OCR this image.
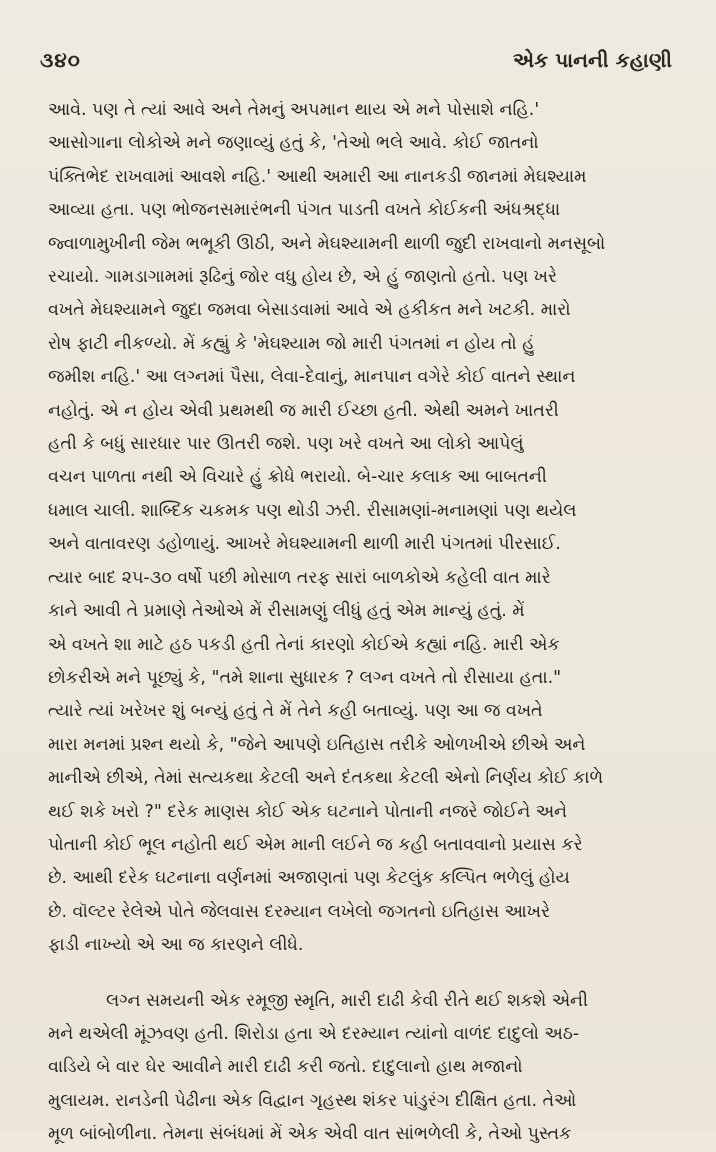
૩૪૦	એક પાનની કહાણી
આવે. પણ તે ત્યાં આવે અને તેમનું અપમાન થાય એ મને પોસાશે નહિ.'
આસોગાના લોકોએ મને જણાવ્યું હતું કે, 'તેઓ ભલે આવે. કોઈ જાતનો
પંક્તિભેદ રાખવામાં આવશે નહિ.' આથી અમારી આ નાનકડી જાનમાં મેઘશ્યામ
આવ્યા હતા. પણ ભોજનસમારંભની પંગત પાડતી વખતે કોઈકની અંધશ્રદ્ધા
જ્વાળામુખીની જેમ ભભૂકી ઊઠી, અને મેઘશ્યામની થાળી જુદી રાખવાનો મનસૂબો
રચાયો. ગામડાગામમાં રૂઢિનું જોર વધુ હોય છે, એ હું જાણતો હતો. પણ ખરે
વખતે મેઘશ્યામને જુદા જમવા બેસાડવામાં આવે એ હકીકત મને ખટકી. મારો
રોષ ફાટી નીકળ્યો. મેં કહ્યું કે 'મેઘશ્યામ જો મારી પંગતમાં ન હોય તો હું
જમીશ નહિ.' આ લગ્નમાં પૈસા, લેવા-દેવાનું, માનપાન વગેરે કોઈ વાતને સ્થાન
નહોતું. એ ન હોય એવી પ્રથમથી જ મારી ઈચ્છા હતી. એથી અમને ખાતરી
હતી કે બધું સારધાર પાર ઊતરી જશે. પણ ખરે વખતે આ લોકો આપેલું
વચન પાળતા નથી એ વિચારે હું ક્રોધે ભરાયો. બે-ચાર કલાક આ બાબતની
ધમાલ ચાલી. શાબ્દિક ચકમક પણ થોડી ઝરી. રીસામણાં-મનામણાં પણ થયેલ
અને વાતાવરણ ડહોળાયું. આખરે મેઘશ્યામની થાળી મારી પંગતમાં પીરસાઈ.
ત્યાર બાદ ૨૫-૩૦ વર્ષો પછી મોસાળ તરફ સારાં બાળકોએ કહેલી વાત મારે
કાને આવી તે પ્રમાણે તેઓએ મેં રીસામણું લીધું હતું એમ માન્યું હતું. મેં
એ વખતે શા માટે હઠ પકડી હતી તેનાં કારણો કોઈએ કહ્યાં નહિ. મારી એક
છોકરીએ મને પૂછ્યું કે, "તમે શાના સુધારક ? લગ્ન વખતે તો રીસાયા હતા."
ત્યારે ત્યાં ખરેખર શું બન્યું હતું તે મેં તેને કહી બતાવ્યું. પણ આ જ વખતે
મારા મનમાં પ્રશ્ન થયો કે, "જેને આપણે ઇતિહાસ તરીકે ઓળખીએ છીએ અને
માનીએ છીએ, તેમાં સત્યકથા કેટલી અને દંતકથા કેટલી એનો નિર્ણય કોઈ કાળે
થઈ શકે ખરો ?" દરેક માણસ કોઈ એક ઘટનાને પોતાની નજરે જોઈને અને
પોતાની કોઈ ભૂલ નહોતી થઈ એમ માની લઈને જ કહી બતાવવાનો પ્રયાસ કરે
છે. આથી દરેક ઘટનાના વર્ણનમાં અજાણતાં પણ કેટલુંક કલ્પિત ભળેલું હોય
છે. વૉલ્ટર રેલેએ પોતે જેલવાસ દરમ્યાન લખેલો જગતનો ઇતિહાસ આખરે
ફાડી નાખ્યો એ આ જ કારણને લીધે.
લગ્ન સમયની એક રમૂજી સ્મૃતિ, મારી દાઢી કેવી રીતે થઈ શકશે એની
મને થએલી મૂંઝવણ હતી. શિરોડા હતા એ દરમ્યાન ત્યાંનો વાળંદ દાદુલો અઠ-
વાડિયે બે વાર ઘેર આવીને મારી દાઢી કરી જતો. દાદુલાનો હાથ મજાનો
મુલાયમ. રાનડેની પેઢીના એક વિદ્વાન ગૃહસ્થ શંકર પાંડુરંગ દીક્ષિત હતા. તેઓ
મૂળ બાંબોળીના. તેમના સંબંધમાં મેં એક એવી વાત સાંભળેલી કે, તેઓ પુસ્તક
